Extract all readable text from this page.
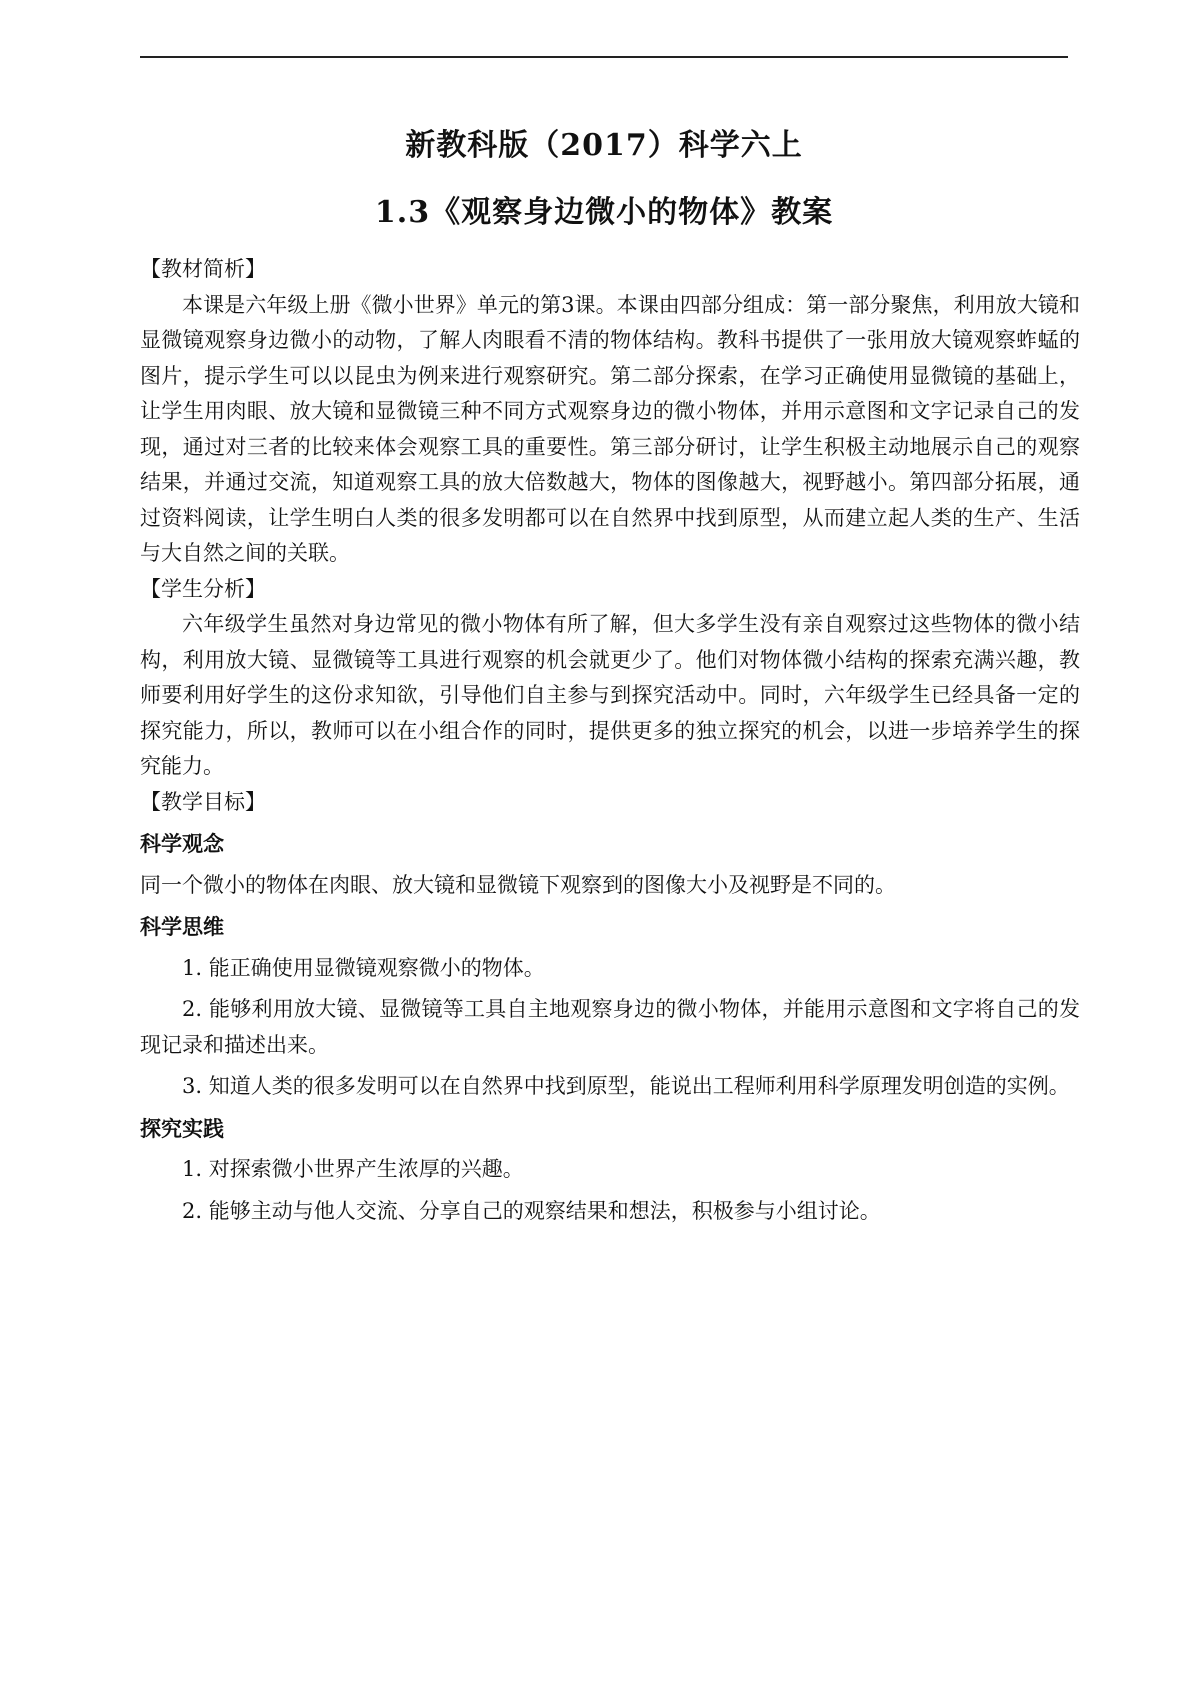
新教科版（2017）科学六上
1.3《观察身边微小的物体》教案

【教材简析】

本课是六年级上册《微小世界》单元的第3课。本课由四部分组成：第一部分聚焦，利用放大镜和显微镜观察身边微小的动物，了解人肉眼看不清的物体结构。教科书提供了一张用放大镜观察蚱蜢的图片，提示学生可以以昆虫为例来进行观察研究。第二部分探索，在学习正确使用显微镜的基础上，让学生用肉眼、放大镜和显微镜三种不同方式观察身边的微小物体，并用示意图和文字记录自己的发现，通过对三者的比较来体会观察工具的重要性。第三部分研讨，让学生积极主动地展示自己的观察结果，并通过交流，知道观察工具的放大倍数越大，物体的图像越大，视野越小。第四部分拓展，通过资料阅读，让学生明白人类的很多发明都可以在自然界中找到原型，从而建立起人类的生产、生活与大自然之间的关联。

【学生分析】

六年级学生虽然对身边常见的微小物体有所了解，但大多学生没有亲自观察过这些物体的微小结构，利用放大镜、显微镜等工具进行观察的机会就更少了。他们对物体微小结构的探索充满兴趣，教师要利用好学生的这份求知欲，引导他们自主参与到探究活动中。同时，六年级学生已经具备一定的探究能力，所以，教师可以在小组合作的同时，提供更多的独立探究的机会，以进一步培养学生的探究能力。

【教学目标】

科学观念

同一个微小的物体在肉眼、放大镜和显微镜下观察到的图像大小及视野是不同的。

科学思维

1. 能正确使用显微镜观察微小的物体。

2. 能够利用放大镜、显微镜等工具自主地观察身边的微小物体，并能用示意图和文字将自己的发现记录和描述出来。

3. 知道人类的很多发明可以在自然界中找到原型，能说出工程师利用科学原理发明创造的实例。

探究实践

1. 对探索微小世界产生浓厚的兴趣。

2. 能够主动与他人交流、分享自己的观察结果和想法，积极参与小组讨论。
